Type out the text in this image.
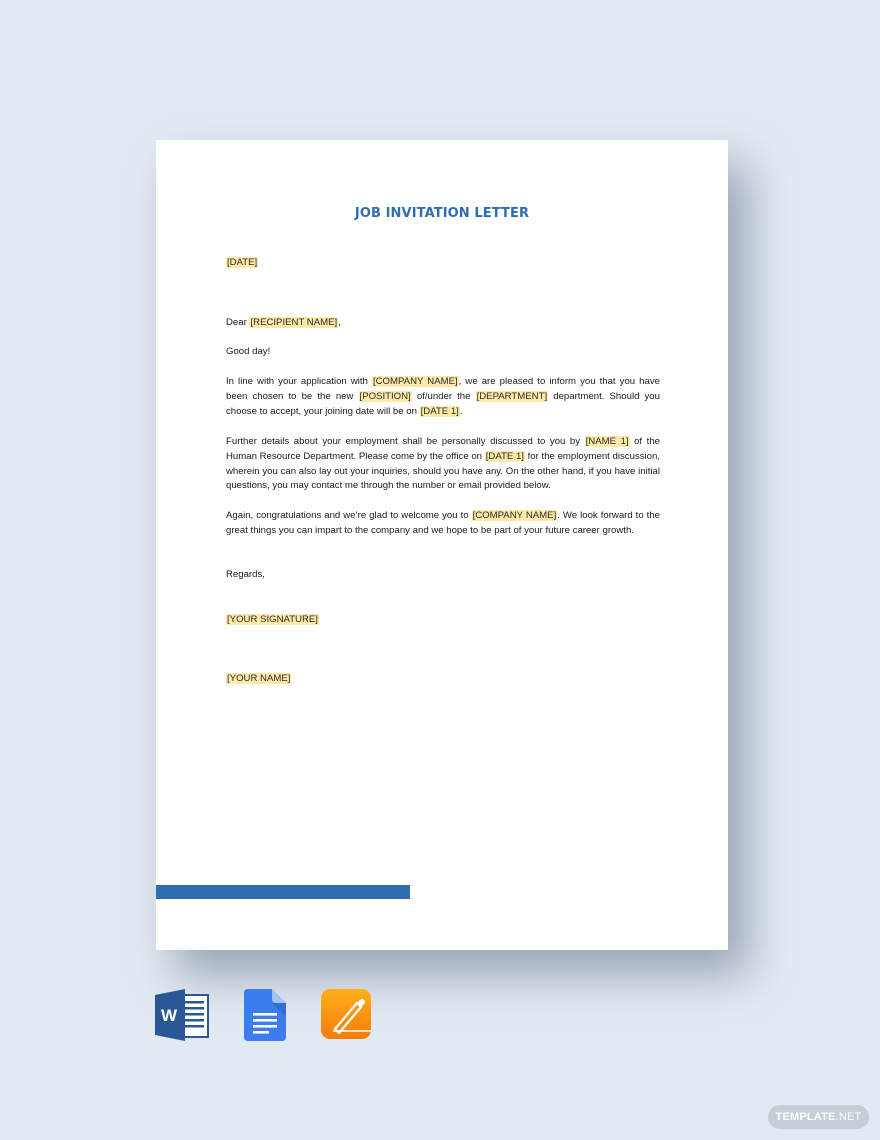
JOB INVITATION LETTER
[DATE]
Dear [RECIPIENT NAME],
Good day!
In line with your application with [COMPANY NAME], we are pleased to inform you that you have been chosen to be the new [POSITION] of/under the [DEPARTMENT] department. Should you choose to accept, your joining date will be on [DATE 1].
Further details about your employment shall be personally discussed to you by [NAME 1] of the Human Resource Department. Please come by the office on [DATE 1] for the employment discussion, wherein you can also lay out your inquiries, should you have any. On the other hand, if you have initial questions, you may contact me through the number or email provided below.
Again, congratulations and we’re glad to welcome you to [COMPANY NAME]. We look forward to the great things you can impart to the company and we hope to be part of your future career growth.
Regards,
[YOUR SIGNATURE]
[YOUR NAME]
W
TEMPLATE.NET
